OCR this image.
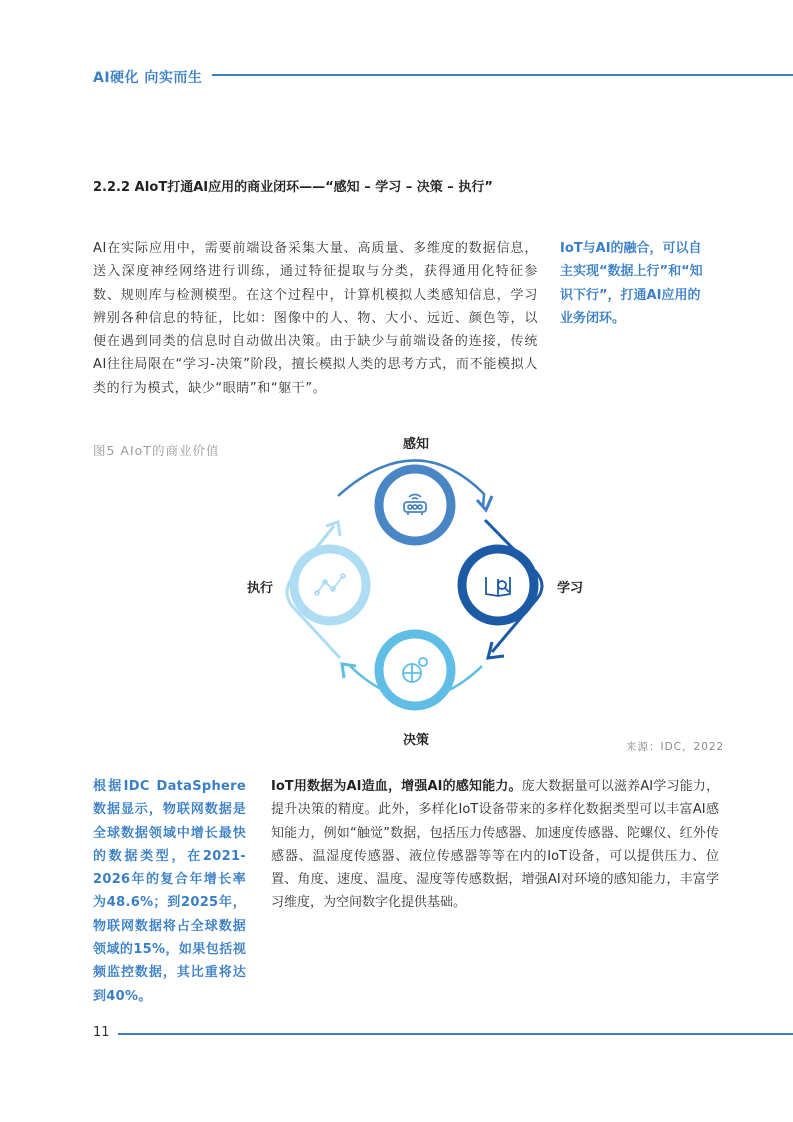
AI硬化 向实而生
2.2.2 AIoT打通AI应用的商业闭环——“感知 – 学习 – 决策 – 执行”
AI在实际应用中，需要前端设备采集大量、高质量、多维度的数据信息，送入深度神经网络进行训练，通过特征提取与分类，获得通用化特征参数、规则库与检测模型。在这个过程中，计算机模拟人类感知信息，学习辨别各种信息的特征，比如：图像中的人、物、大小、远近、颜色等，以便在遇到同类的信息时自动做出决策。由于缺少与前端设备的连接，传统AI往往局限在“学习-决策”阶段，擅长模拟人类的思考方式，而不能模拟人类的行为模式，缺少“眼睛”和“躯干”。
IoT与AI的融合，可以自主实现“数据上行”和“知识下行”，打通AI应用的业务闭环。
图5 AIoT的商业价值	感知
学习
决策
执行
来源：IDC，2022
根据IDC DataSphere数据显示，物联网数据是全球数据领域中增长最快的数据类型，在2021-2026年的复合年增长率为48.6%；到2025年，物联网数据将占全球数据领域的15%，如果包括视频监控数据，其比重将达到40%。
IoT用数据为AI造血，增强AI的感知能力。庞大数据量可以滋养AI学习能力，提升决策的精度。此外，多样化IoT设备带来的多样化数据类型可以丰富AI感知能力，例如“触觉”数据，包括压力传感器、加速度传感器、陀螺仪、红外传感器、温湿度传感器、液位传感器等等在内的IoT设备，可以提供压力、位置、角度、速度、温度、湿度等传感数据，增强AI对环境的感知能力，丰富学习维度，为空间数字化提供基础。
11
